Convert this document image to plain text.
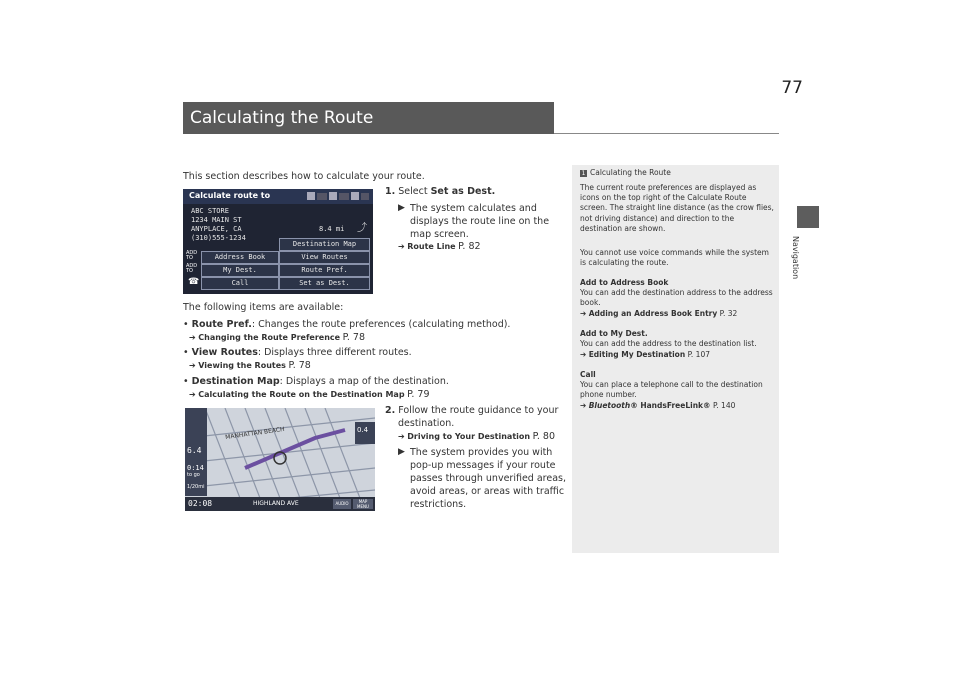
77
Calculating the Route
Navigation
This section describes how to calculate your route.
Calculate route to
ABC STORE
1234 MAIN ST
ANYPLACE, CA
(310)555-1234
8.4 mi ⤴
Destination Map
ADD
TO	Address Book	View Routes
ADD
TO	My Dest.	Route Pref.
☎	Call	Set as Dest.
1. Select Set as Dest.
▶ The system calculates and
displays the route line on the
map screen.
➔ Route Line P. 82
The following items are available:
• Route Pref.: Changes the route preferences (calculating method).
➔ Changing the Route Preference P. 78
• View Routes: Displays three different routes.
➔ Viewing the Routes P. 78
• Destination Map: Displays a map of the destination.
➔ Calculating the Route on the Destination Map P. 79
6.4
0:14
to go
1/20mi
0.4
MANHATTAN BEACH
02:08	HIGHLAND AVE	AUDIO	MAP MENU
2. Follow the route guidance to your
destination.
➔ Driving to Your Destination P. 80
▶ The system provides you with
pop-up messages if your route
passes through unverified areas,
avoid areas, or areas with traffic
restrictions.
1 Calculating the Route
The current route preferences are displayed as icons on the top right of the Calculate Route screen. The straight line distance (as the crow flies, not driving distance) and direction to the destination are shown.
You cannot use voice commands while the system is calculating the route.
Add to Address Book
You can add the destination address to the address book.
➔ Adding an Address Book Entry P. 32
Add to My Dest.
You can add the address to the destination list.
➔ Editing My Destination P. 107
Call
You can place a telephone call to the destination phone number.
➔ Bluetooth® HandsFreeLink® P. 140
